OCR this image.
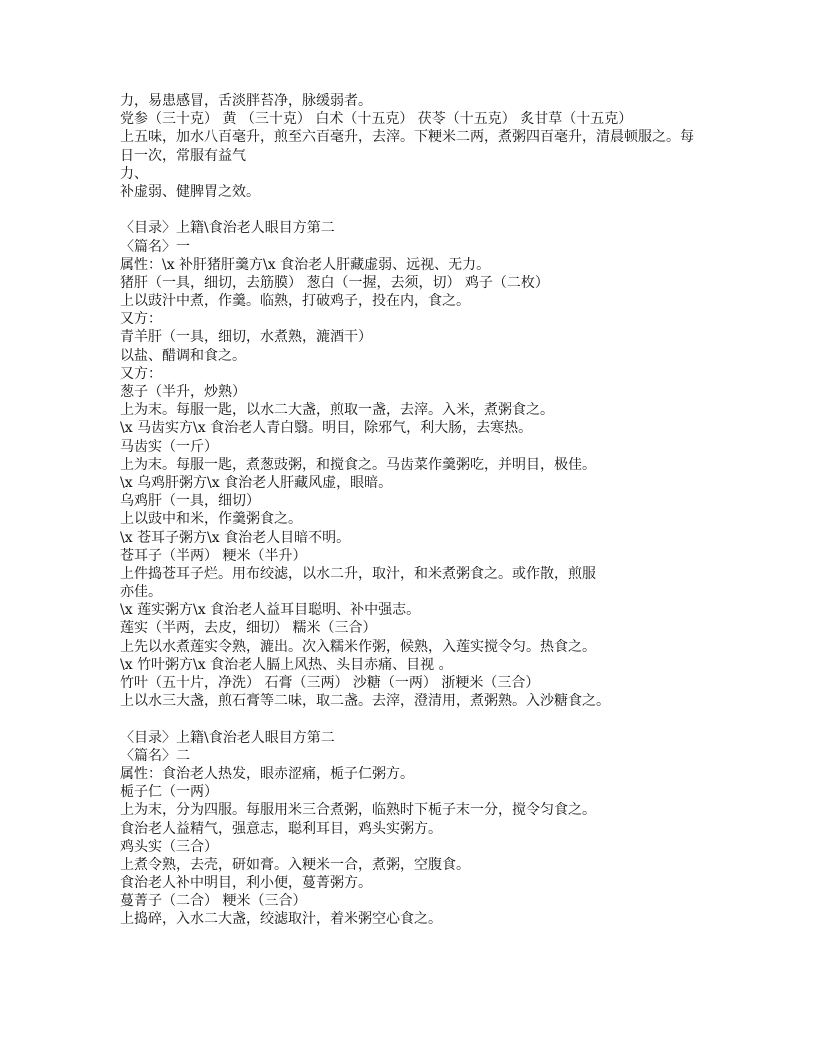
力，易患感冒，舌淡胖苔净，脉缓弱者。
党参（三十克） 黄 （三十克） 白术（十五克） 茯苓（十五克） 炙甘草（十五克）
上五味，加水八百毫升，煎至六百毫升，去滓。下粳米二两，煮粥四百毫升，清晨顿服之。每
日一次，常服有益气
力、
补虚弱、健脾胃之效。
〈目录〉上籍\食治老人眼目方第二
〈篇名〉一
属性：\x 补肝猪肝羹方\x 食治老人肝藏虚弱、远视、无力。
猪肝（一具，细切，去筋膜） 葱白（一握，去须，切） 鸡子（二枚）
上以豉汁中煮，作羹。临熟，打破鸡子，投在内，食之。
又方：
青羊肝（一具，细切，水煮熟，漉酒干）
以盐、醋调和食之。
又方：
葱子（半升，炒熟）
上为末。每服一匙，以水二大盏，煎取一盏，去滓。入米，煮粥食之。
\x 马齿实方\x 食治老人青白翳。明目，除邪气，利大肠，去寒热。
马齿实（一斤）
上为末。每服一匙，煮葱豉粥，和搅食之。马齿菜作羹粥吃，并明目，极佳。
\x 乌鸡肝粥方\x 食治老人肝藏风虚，眼暗。
乌鸡肝（一具，细切）
上以豉中和米，作羹粥食之。
\x 苍耳子粥方\x 食治老人目暗不明。
苍耳子（半两） 粳米（半升）
上件捣苍耳子烂。用布绞滤，以水二升，取汁，和米煮粥食之。或作散，煎服
亦佳。
\x 莲实粥方\x 食治老人益耳目聪明、补中强志。
莲实（半两，去皮，细切） 糯米（三合）
上先以水煮莲实令熟，漉出。次入糯米作粥，候熟，入莲实搅令匀。热食之。
\x 竹叶粥方\x 食治老人膈上风热、头目赤痛、目视 。
竹叶（五十片，净洗） 石膏（三两） 沙糖（一两） 浙粳米（三合）
上以水三大盏，煎石膏等二味，取二盏。去滓，澄清用，煮粥熟。入沙糖食之。
〈目录〉上籍\食治老人眼目方第二
〈篇名〉二
属性：食治老人热发，眼赤涩痛，栀子仁粥方。
栀子仁（一两）
上为末，分为四服。每服用米三合煮粥，临熟时下栀子末一分，搅令匀食之。
食治老人益精气，强意志，聪利耳目，鸡头实粥方。
鸡头实（三合）
上煮令熟，去壳，研如膏。入粳米一合，煮粥，空腹食。
食治老人补中明目，利小便，蔓菁粥方。
蔓菁子（二合） 粳米（三合）
上捣碎，入水二大盏，绞滤取汁，着米粥空心食之。
